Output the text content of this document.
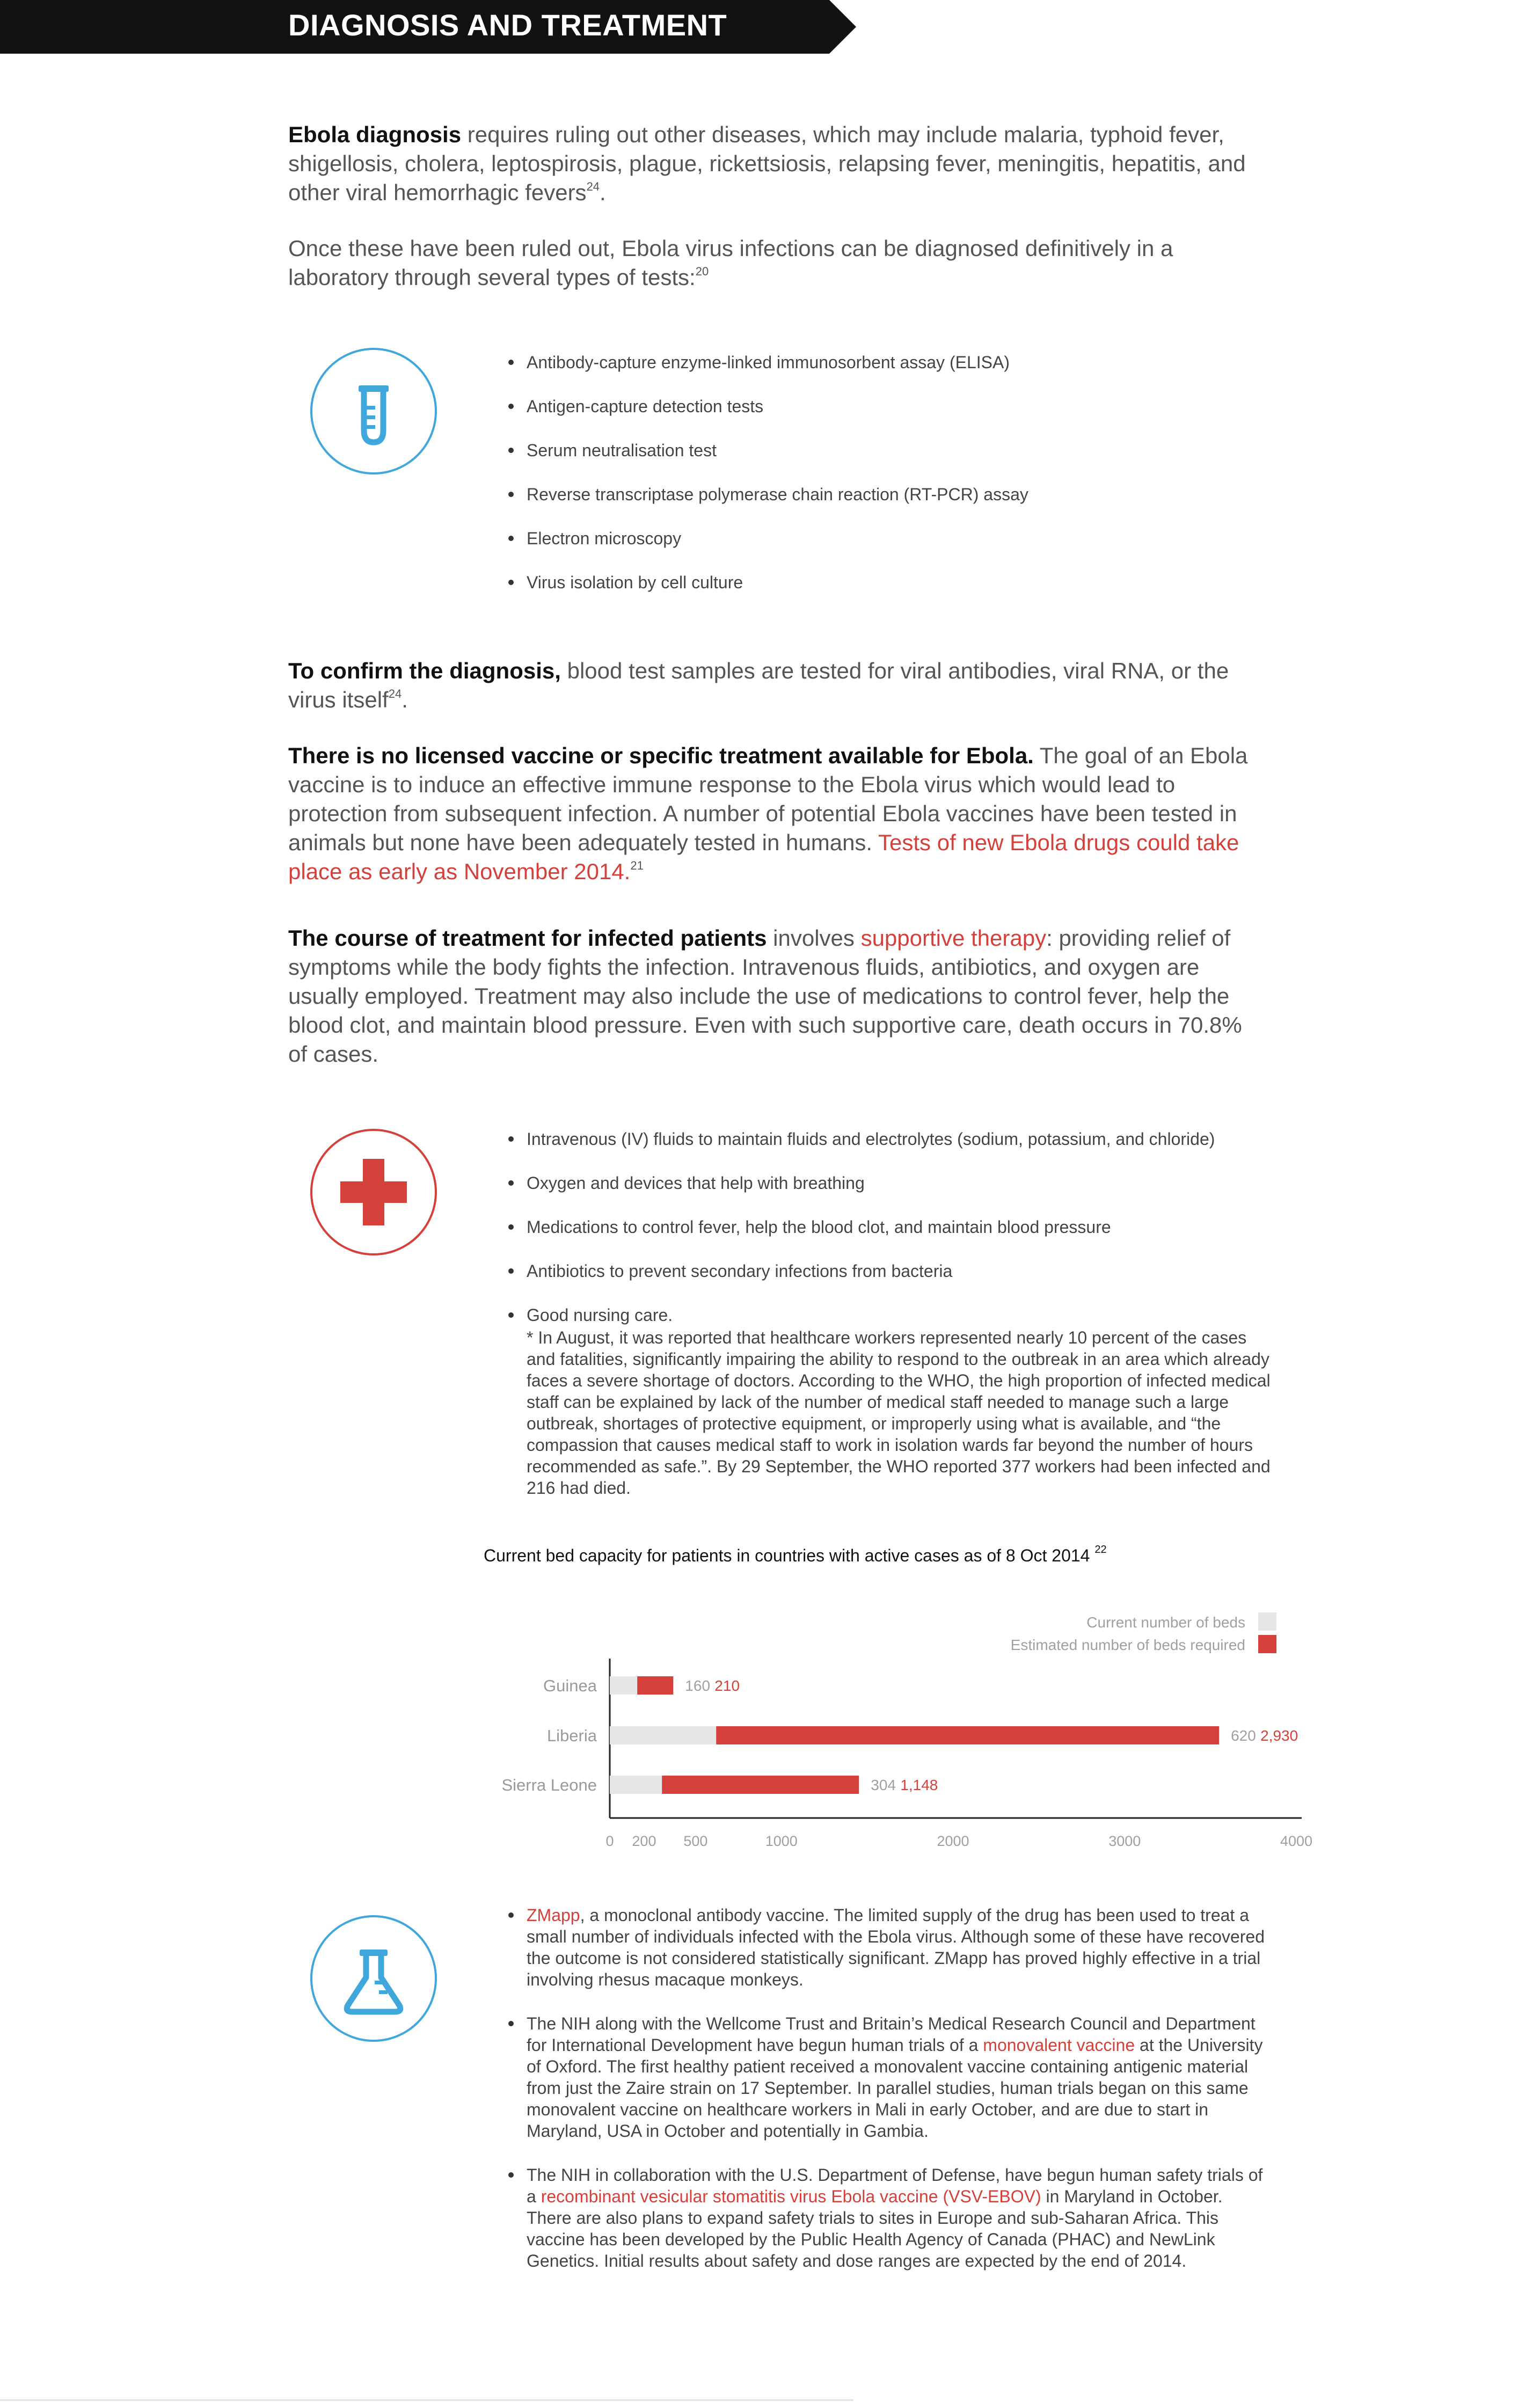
DIAGNOSIS AND TREATMENT

Ebola diagnosis requires ruling out other diseases, which may include malaria, typhoid fever, shigellosis, cholera, leptospirosis, plague, rickettsiosis, relapsing fever, meningitis, hepatitis, and other viral hemorrhagic fevers$^{24}$.

Once these have been ruled out, Ebola virus infections can be diagnosed definitively in a laboratory through several types of tests:$^{20}$

Antibody-capture enzyme-linked immunosorbent assay (ELISA)
Antigen-capture detection tests
Serum neutralisation test
Reverse transcriptase polymerase chain reaction (RT-PCR) assay
Electron microscopy
Virus isolation by cell culture

To confirm the diagnosis, blood test samples are tested for viral antibodies, viral RNA, or the virus itself$^{24}$.

There is no licensed vaccine or specific treatment available for Ebola. The goal of an Ebola vaccine is to induce an effective immune response to the Ebola virus which would lead to protection from subsequent infection. A number of potential Ebola vaccines have been tested in animals but none have been adequately tested in humans. Tests of new Ebola drugs could take place as early as November 2014.21

The course of treatment for infected patients involves supportive therapy: providing relief of symptoms while the body fights the infection. Intravenous fluids, antibiotics, and oxygen are usually employed. Treatment may also include the use of medications to control fever, help the blood clot, and maintain blood pressure. Even with such supportive care, death occurs in 70.8% of cases.

Intravenous (IV) fluids to maintain fluids and electrolytes (sodium, potassium, and chloride)
Oxygen and devices that help with breathing
Medications to control fever, help the blood clot, and maintain blood pressure
Antibiotics to prevent secondary infections from bacteria
Good nursing care.
* In August, it was reported that healthcare workers represented nearly 10 percent of the cases and fatalities, significantly impairing the ability to respond to the outbreak in an area which already faces a severe shortage of doctors. According to the WHO, the high proportion of infected medical staff can be explained by lack of the number of medical staff needed to manage such a large outbreak, shortages of protective equipment, or improperly using what is available, and “the compassion that causes medical staff to work in isolation wards far beyond the number of hours recommended as safe.”. By 29 September, the WHO reported 377 workers had been infected and 216 had died.

Current bed capacity for patients in countries with active cases as of 8 Oct 2014 $^{22}$

Current number of beds
Estimated number of beds required
0 200 500	1000	2000	3000	4000
Guinea	160 210
Liberia	620 2,930
Sierra Leone	304 1,148
ZMapp, a monoclonal antibody vaccine. The limited supply of the drug has been used to treat a small number of individuals infected with the Ebola virus. Although some of these have recovered the outcome is not considered statistically significant. ZMapp has proved highly effective in a trial involving rhesus macaque monkeys.
The NIH along with the Wellcome Trust and Britain’s Medical Research Council and Department for International Development have begun human trials of a monovalent vaccine at the University of Oxford. The first healthy patient received a monovalent vaccine containing antigenic material from just the Zaire strain on 17 September. In parallel studies, human trials began on this same monovalent vaccine on healthcare workers in Mali in early October, and are due to start in Maryland, USA in October and potentially in Gambia.
The NIH in collaboration with the U.S. Department of Defense, have begun human safety trials of a recombinant vesicular stomatitis virus Ebola vaccine (VSV-EBOV) in Maryland in October. There are also plans to expand safety trials to sites in Europe and sub-Saharan Africa. This vaccine has been developed by the Public Health Agency of Canada (PHAC) and NewLink Genetics. Initial results about safety and dose ranges are expected by the end of 2014.
